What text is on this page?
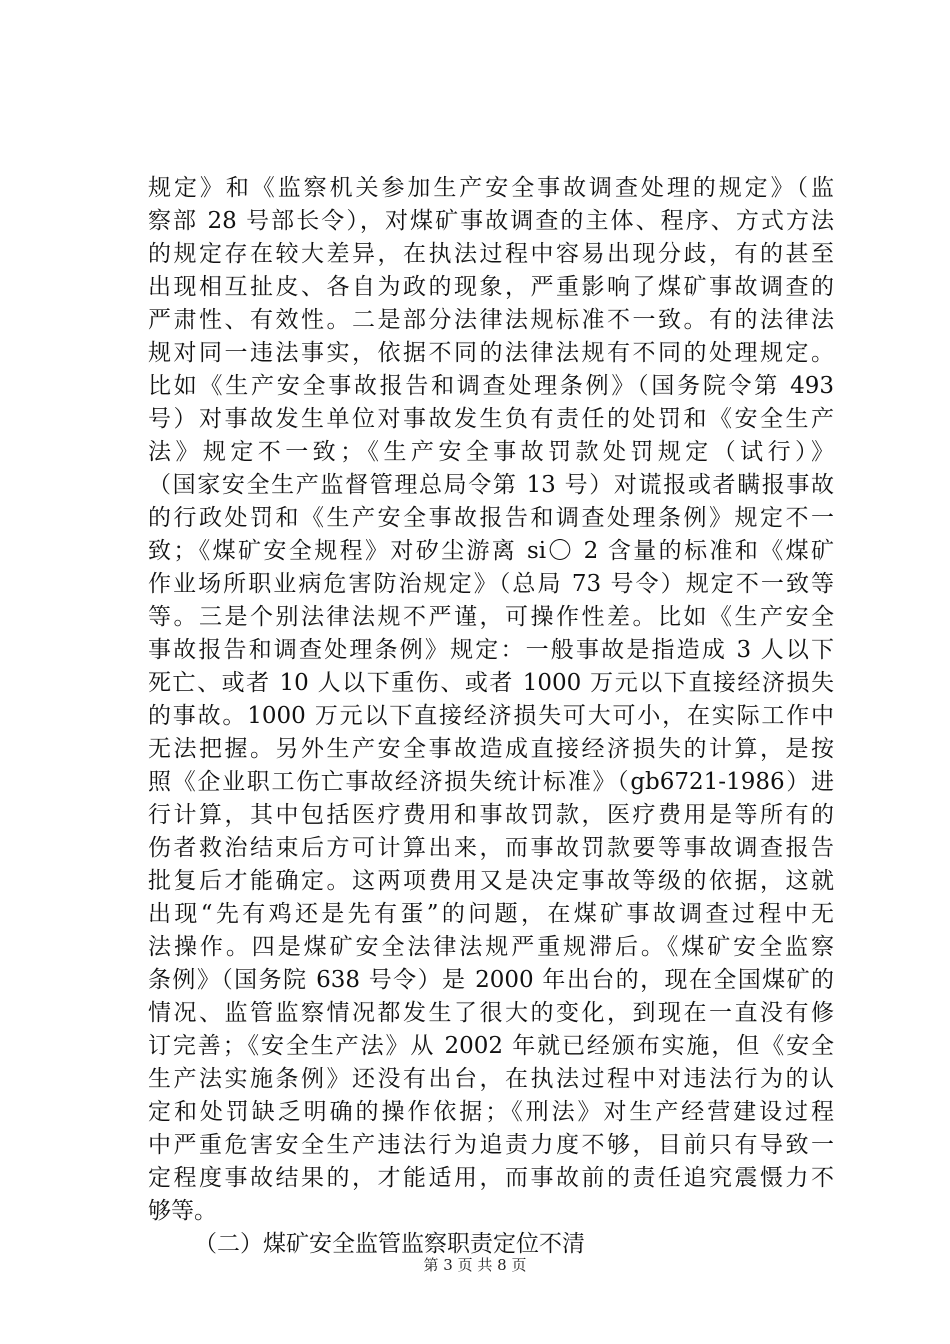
规定》和《监察机关参加生产安全事故调查处理的规定》（监
察部 28 号部长令），对煤矿事故调查的主体、程序、方式方法
的规定存在较大差异，在执法过程中容易出现分歧，有的甚至
出现相互扯皮、各自为政的现象，严重影响了煤矿事故调查的
严肃性、有效性。二是部分法律法规标准不一致。有的法律法
规对同一违法事实，依据不同的法律法规有不同的处理规定。
比如《生产安全事故报告和调查处理条例》（国务院令第 493
号）对事故发生单位对事故发生负有责任的处罚和《安全生产
法》规定不一致；《生产安全事故罚款处罚规定（试行）》
（国家安全生产监督管理总局令第 13 号）对谎报或者瞒报事故
的行政处罚和《生产安全事故报告和调查处理条例》规定不一
致；《煤矿安全规程》对矽尘游离 si〇 2 含量的标准和《煤矿
作业场所职业病危害防治规定》（总局 73 号令）规定不一致等
等。三是个别法律法规不严谨，可操作性差。比如《生产安全
事故报告和调查处理条例》规定：一般事故是指造成 3 人以下
死亡、或者 10 人以下重伤、或者 1000 万元以下直接经济损失
的事故。1000 万元以下直接经济损失可大可小，在实际工作中
无法把握。另外生产安全事故造成直接经济损失的计算，是按
照《企业职工伤亡事故经济损失统计标准》（gb6721-1986）进
行计算，其中包括医疗费用和事故罚款，医疗费用是等所有的
伤者救治结束后方可计算出来，而事故罚款要等事故调查报告
批复后才能确定。这两项费用又是决定事故等级的依据，这就
出现“先有鸡还是先有蛋”的问题，在煤矿事故调查过程中无
法操作。四是煤矿安全法律法规严重规滞后。《煤矿安全监察
条例》（国务院 638 号令）是 2000 年出台的，现在全国煤矿的
情况、监管监察情况都发生了很大的变化，到现在一直没有修
订完善；《安全生产法》从 2002 年就已经颁布实施，但《安全
生产法实施条例》还没有出台，在执法过程中对违法行为的认
定和处罚缺乏明确的操作依据；《刑法》对生产经营建设过程
中严重危害安全生产违法行为追责力度不够，目前只有导致一
定程度事故结果的，才能适用，而事故前的责任追究震慑力不
够等。
（二）煤矿安全监管监察职责定位不清
第 3 页 共 8 页
